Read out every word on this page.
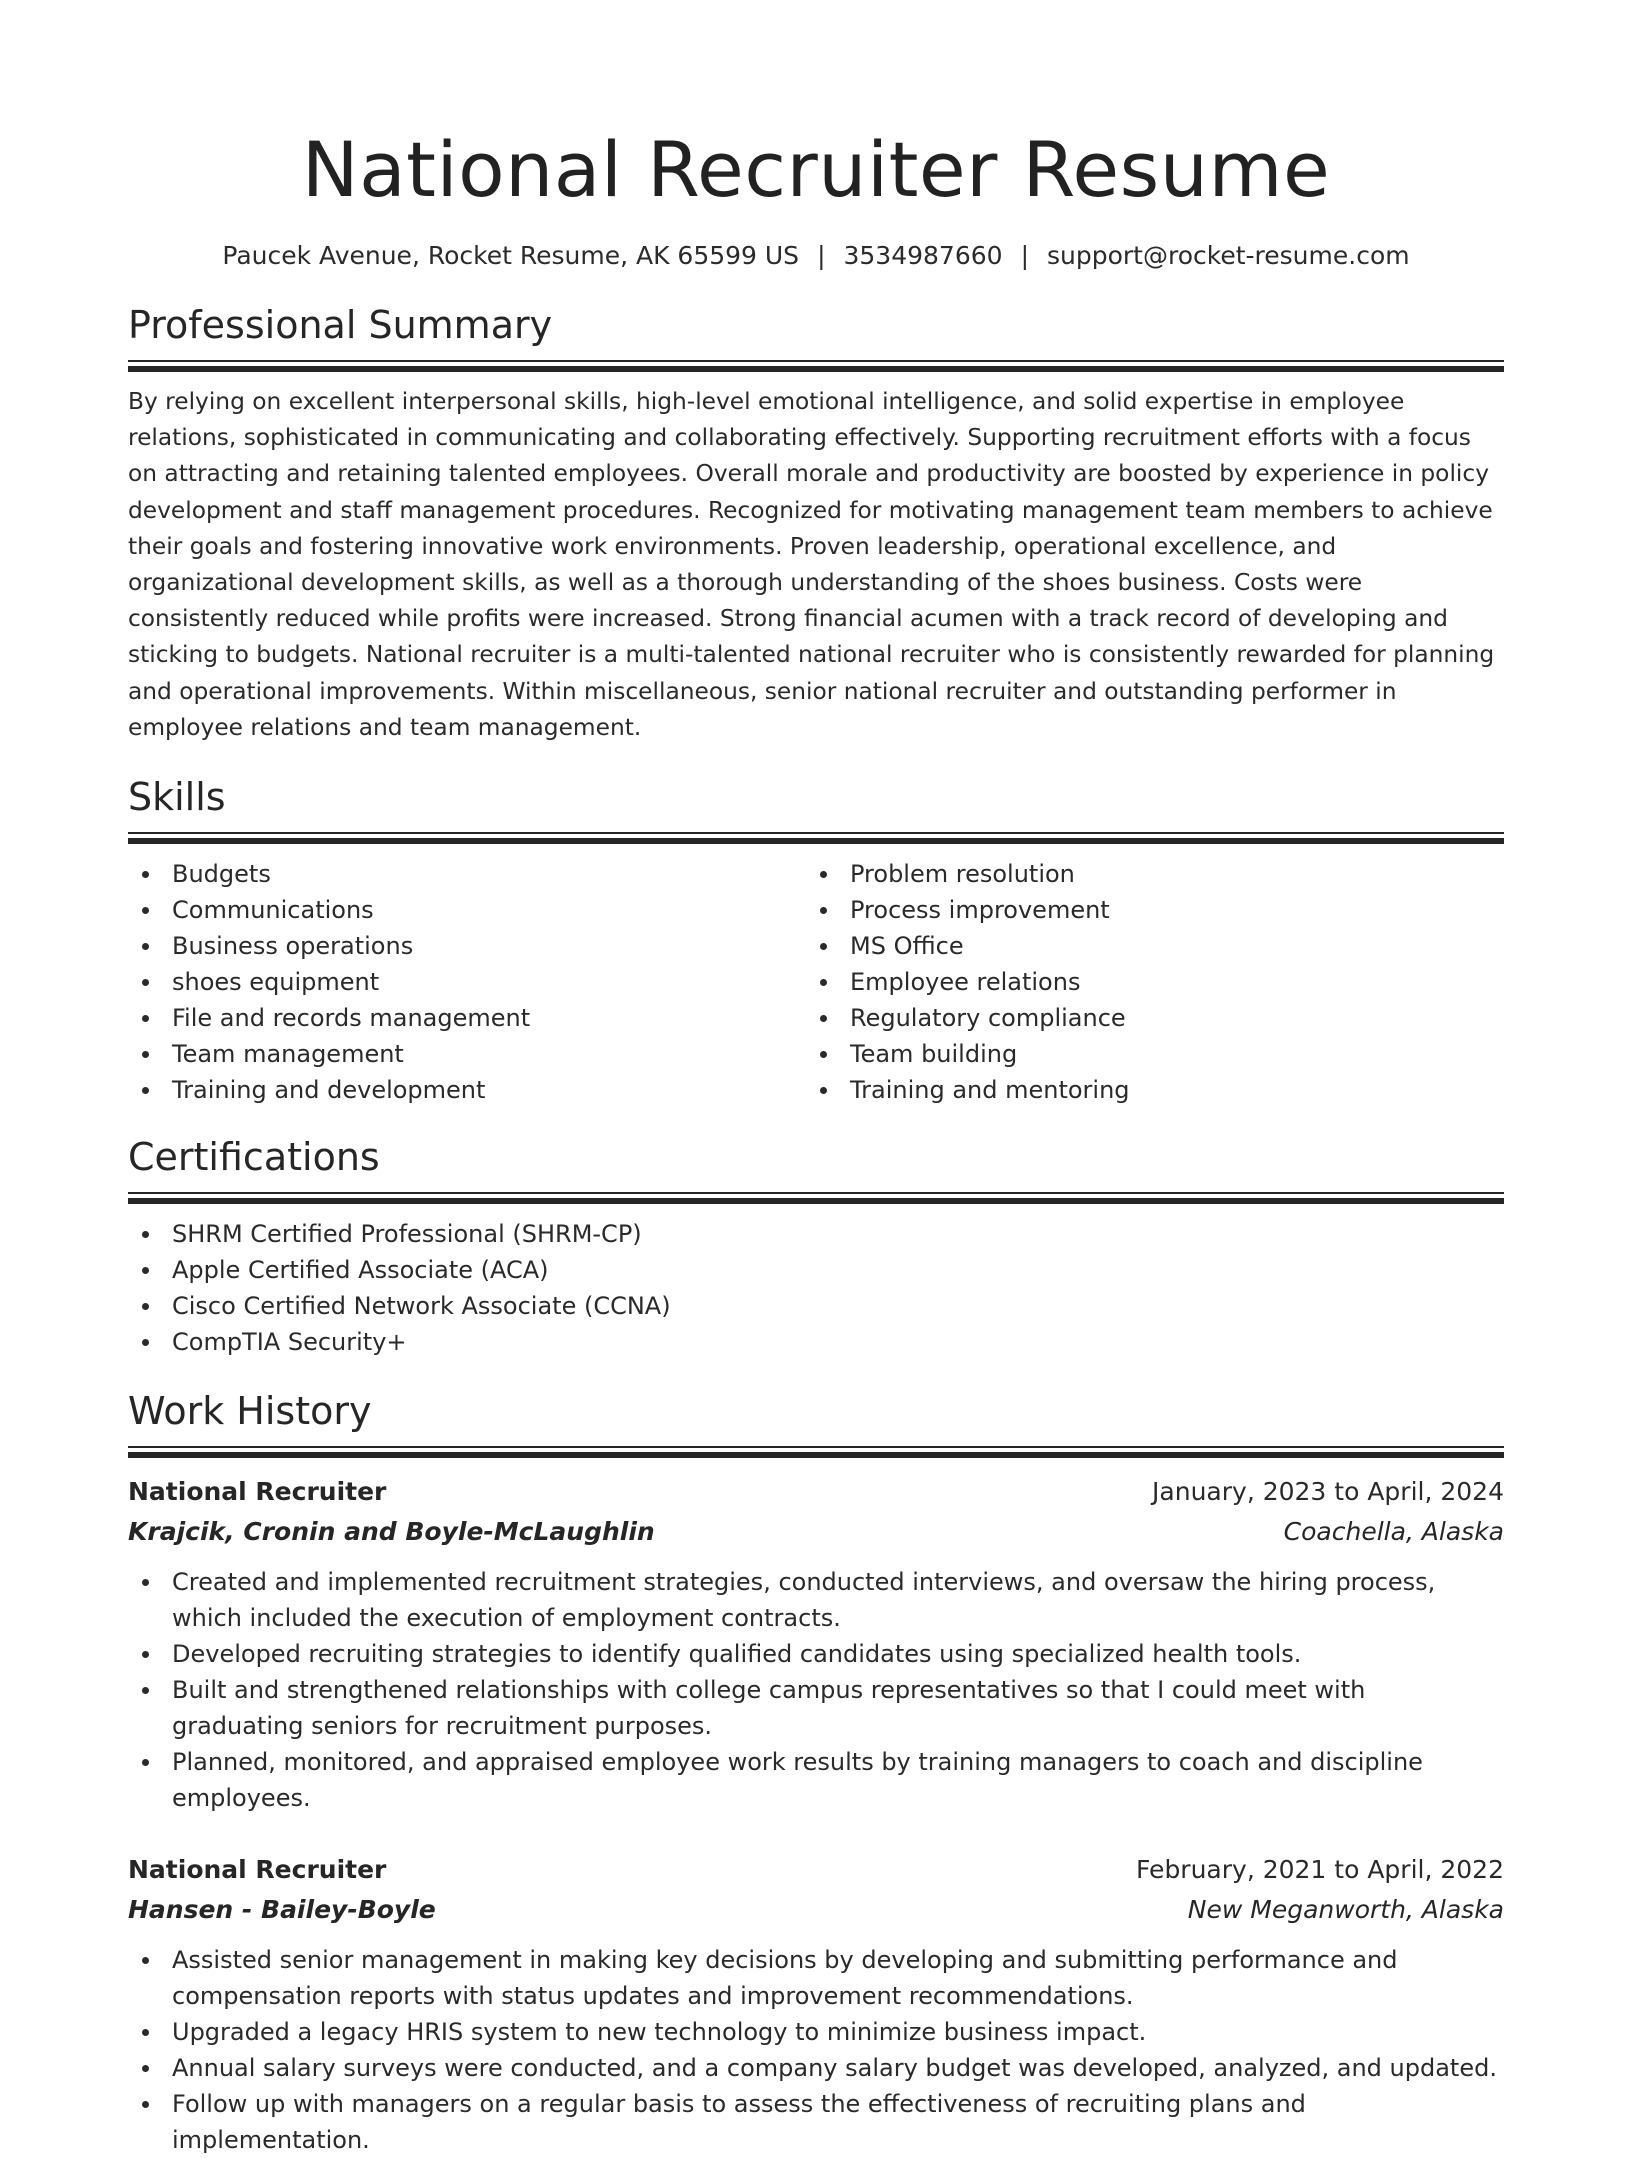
National Recruiter Resume
Paucek Avenue, Rocket Resume, AK 65599 US | 3534987660 | support@rocket-resume.com
Professional Summary

By relying on excellent interpersonal skills, high-level emotional intelligence, and solid expertise in employee relations, sophisticated in communicating and collaborating effectively. Supporting recruitment efforts with a focus on attracting and retaining talented employees. Overall morale and productivity are boosted by experience in policy development and staff management procedures. Recognized for motivating management team members to achieve their goals and fostering innovative work environments. Proven leadership, operational excellence, and organizational development skills, as well as a thorough understanding of the shoes business. Costs were consistently reduced while profits were increased. Strong financial acumen with a track record of developing and sticking to budgets. National recruiter is a multi-talented national recruiter who is consistently rewarded for planning and operational improvements. Within miscellaneous, senior national recruiter and outstanding performer in employee relations and team management.

Skills
Budgets
Communications
Business operations
shoes equipment
File and records management
Team management
Training and development
Problem resolution
Process improvement
MS Office
Employee relations
Regulatory compliance
Team building
Training and mentoring
Certifications
SHRM Certified Professional (SHRM-CP)
Apple Certified Associate (ACA)
Cisco Certified Network Associate (CCNA)
CompTIA Security+
Work History
National Recruiter	January, 2023 to April, 2024
Krajcik, Cronin and Boyle-McLaughlin	Coachella, Alaska
Created and implemented recruitment strategies, conducted interviews, and oversaw the hiring process, which included the execution of employment contracts.
Developed recruiting strategies to identify qualified candidates using specialized health tools.
Built and strengthened relationships with college campus representatives so that I could meet with graduating seniors for recruitment purposes.
Planned, monitored, and appraised employee work results by training managers to coach and discipline employees.
National Recruiter	February, 2021 to April, 2022
Hansen - Bailey-Boyle	New Meganworth, Alaska
Assisted senior management in making key decisions by developing and submitting performance and compensation reports with status updates and improvement recommendations.
Upgraded a legacy HRIS system to new technology to minimize business impact.
Annual salary surveys were conducted, and a company salary budget was developed, analyzed, and updated.
Follow up with managers on a regular basis to assess the effectiveness of recruiting plans and implementation.
